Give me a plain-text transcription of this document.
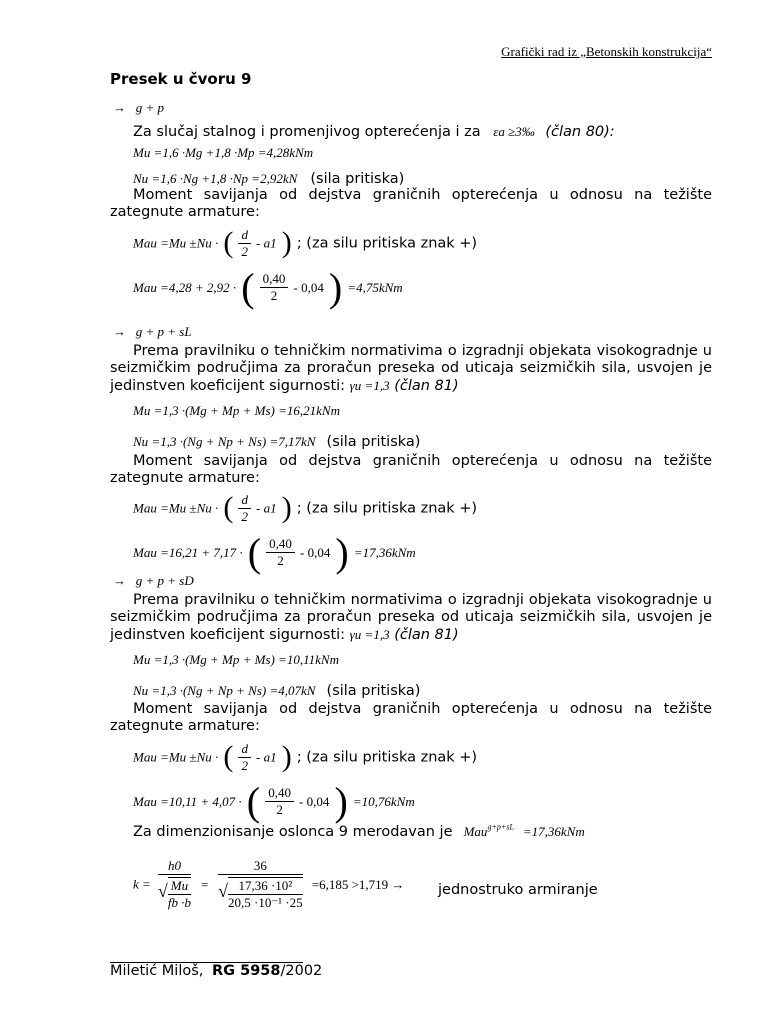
Grafički rad iz „Betonskih konstrukcija“
Presek u čvoru 9
→ g + p
Za slučaj stalnog i promenjivog opterećenja i za εa ≥3‰ (član 80):
Mu =1,6 ·Mg +1,8 ·Mp =4,28kNm
Nu =1,6 ·Ng +1,8 ·Np =2,92kN (sila pritiska)
Moment savijanja od dejstva graničnih opterećenja u odnosu na težište zategnute armature:
Mau =Mu ±Nu · ( $\frac{d}{2} - a1$ ) ; (za silu pritiska znak +)
Mau =4,28 + 2,92 · ( $\frac{0,40}{2} - 0,04$ ) =4,75kNm
→ g + p + sL
Prema pravilniku o tehničkim normativima o izgradnji objekata visokogradnje u seizmičkim područjima za proračun preseka od uticaja seizmičkih sila, usvojen je jedinstven koeficijent sigurnosti: γu =1,3 (član 81)
Mu =1,3 ·(Mg + Mp + Ms) =16,21kNm
Nu =1,3 ·(Ng + Np + Ns) =7,17kN (sila pritiska)
Moment savijanja od dejstva graničnih opterećenja u odnosu na težište zategnute armature:
Mau =Mu ±Nu · ( $\frac{d}{2} - a1$ ) ; (za silu pritiska znak +)
Mau =16,21 + 7,17 · ( $\frac{0,40}{2} - 0,04$ ) =17,36kNm
→ g + p + sD
Prema pravilniku o tehničkim normativima o izgradnji objekata visokogradnje u seizmičkim područjima za proračun preseka od uticaja seizmičkih sila, usvojen je jedinstven koeficijent sigurnosti: γu =1,3 (član 81)
Mu =1,3 ·(Mg + Mp + Ms) =10,11kNm
Nu =1,3 ·(Ng + Np + Ns) =4,07kN (sila pritiska)
Moment savijanja od dejstva graničnih opterećenja u odnosu na težište zategnute armature:
Mau =Mu ±Nu · ( $\frac{d}{2} - a1$ ) ; (za silu pritiska znak +)
Mau =10,11 + 4,07 · ( $\frac{0,40}{2} - 0,04$ ) =10,76kNm
Za dimenzionisanje oslonca 9 merodavan je Mau$^{g+p+sL}$ =17,36kNm
$k = \frac{h0}{√ \frac{Mu}{fb \cdot b}} = \frac{36}{√ \frac{\text{17,36 ·10²}}{\text{20,5 ·10⁻¹ ·25}}} =6,185 >1,719$ → jednostruko armiranje
Miletić Miloš, RG 5958/2002
